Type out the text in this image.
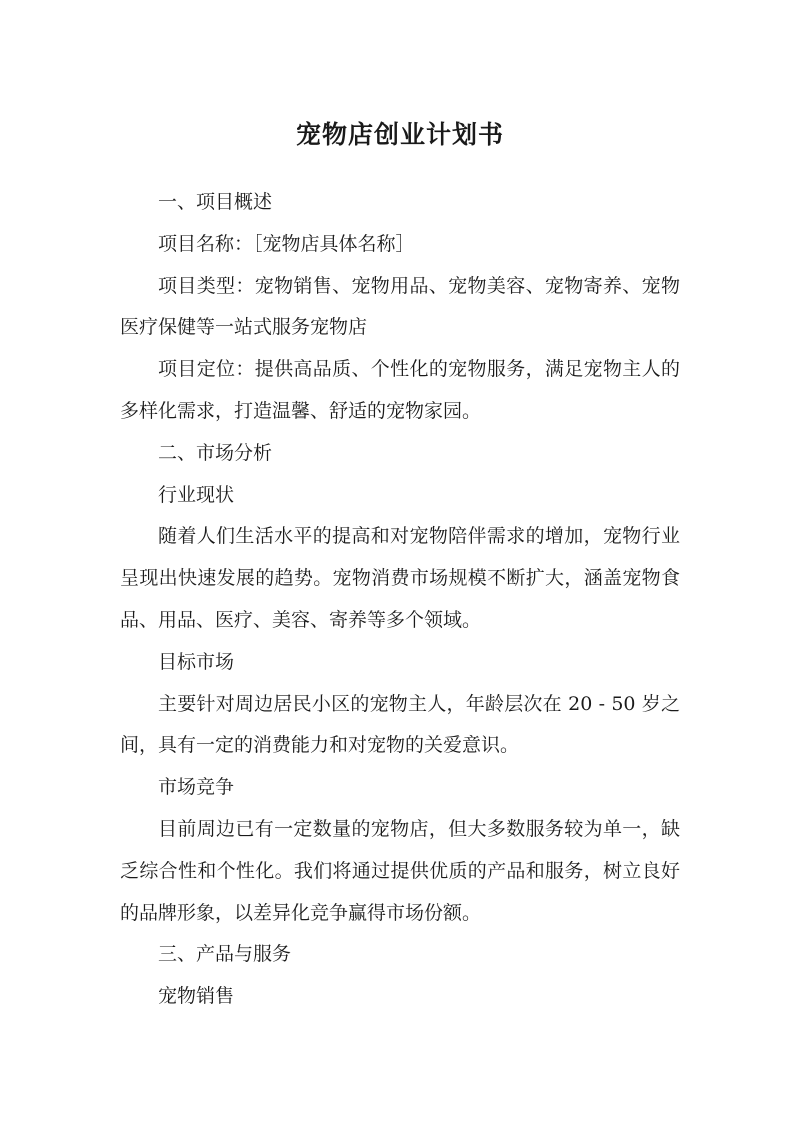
宠物店创业计划书

一、项目概述

项目名称：［宠物店具体名称］

项目类型：宠物销售、宠物用品、宠物美容、宠物寄养、宠物医疗保健等一站式服务宠物店

项目定位：提供高品质、个性化的宠物服务，满足宠物主人的多样化需求，打造温馨、舒适的宠物家园。

二、市场分析

行业现状

随着人们生活水平的提高和对宠物陪伴需求的增加，宠物行业呈现出快速发展的趋势。宠物消费市场规模不断扩大，涵盖宠物食品、用品、医疗、美容、寄养等多个领域。

目标市场

主要针对周边居民小区的宠物主人，年龄层次在 20 - 50 岁之间，具有一定的消费能力和对宠物的关爱意识。

市场竞争

目前周边已有一定数量的宠物店，但大多数服务较为单一，缺乏综合性和个性化。我们将通过提供优质的产品和服务，树立良好的品牌形象，以差异化竞争赢得市场份额。

三、产品与服务

宠物销售
